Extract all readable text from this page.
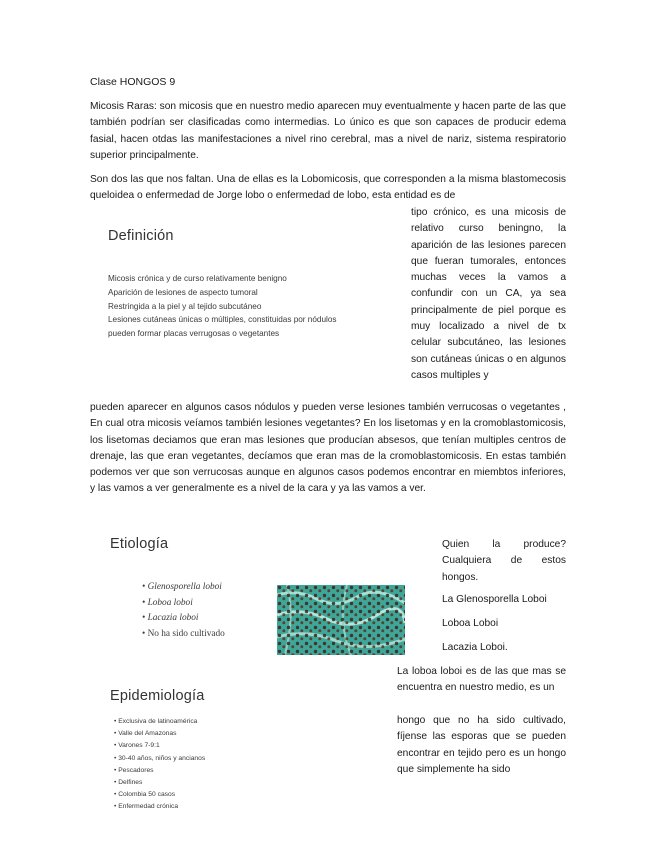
Clase HONGOS 9

Micosis Raras: son micosis que en nuestro medio aparecen muy eventualmente y hacen parte de las que también podrían ser clasificadas como intermedias. Lo único es que son capaces de producir edema fasial, hacen otdas las manifestaciones a nivel rino cerebral, mas a nivel de nariz, sistema respiratorio superior principalmente.

Son dos las que nos faltan. Una de ellas es la Lobomicosis, que corresponden a la misma blastomecosis queloidea o enfermedad de Jorge lobo o enfermedad de lobo, esta entidad es de

Definición
Micosis crónica y de curso relativamente benigno
Aparición de lesiones de aspecto tumoral
Restringida a la piel y al tejido subcutáneo
Lesiones cutáneas únicas o múltiples, constituidas por nódulos
pueden formar placas verrugosas o vegetantes

tipo crónico, es una micosis de relativo curso beningno, la aparición de las lesiones parecen que fueran tumorales, entonces muchas veces la vamos a confundir con un CA, ya sea principalmente de piel porque es muy localizado a nivel de tx celular subcutáneo, las lesiones son cutáneas únicas o en algunos casos multiples y

pueden aparecer en algunos casos nódulos y pueden verse lesiones también verrucosas o vegetantes , En cual otra micosis veíamos también lesiones vegetantes? En los lisetomas y en la cromoblastomicosis, los lisetomas deciamos que eran mas lesiones que producían absesos, que tenían multiples centros de drenaje, las que eran vegetantes, decíamos que eran mas de la cromoblastomicosis. En estas también podemos ver que son verrucosas aunque en algunos casos podemos encontrar en miembtos inferiores, y las vamos a ver generalmente es a nivel de la cara y ya las vamos a ver.

Etiología
• Glenosporella loboi
• Loboa loboi
• Lacazia loboi
• No ha sido cultivado

Quien la produce? Cualquiera de estos hongos.

La Glenosporella Loboi

Loboa Loboi

Lacazia Loboi.

Epidemiología
• Exclusiva de latinoamérica
• Valle del Amazonas
• Varones 7-9:1
• 30-40 años, niños y ancianos
• Pescadores
• Delfines
• Colombia 50 casos
• Enfermedad crónica

La loboa loboi es de las que mas se encuentra en nuestro medio, es un

hongo que no ha sido cultivado, fíjense las esporas que se pueden encontrar en tejido pero es un hongo que simplemente ha sido
